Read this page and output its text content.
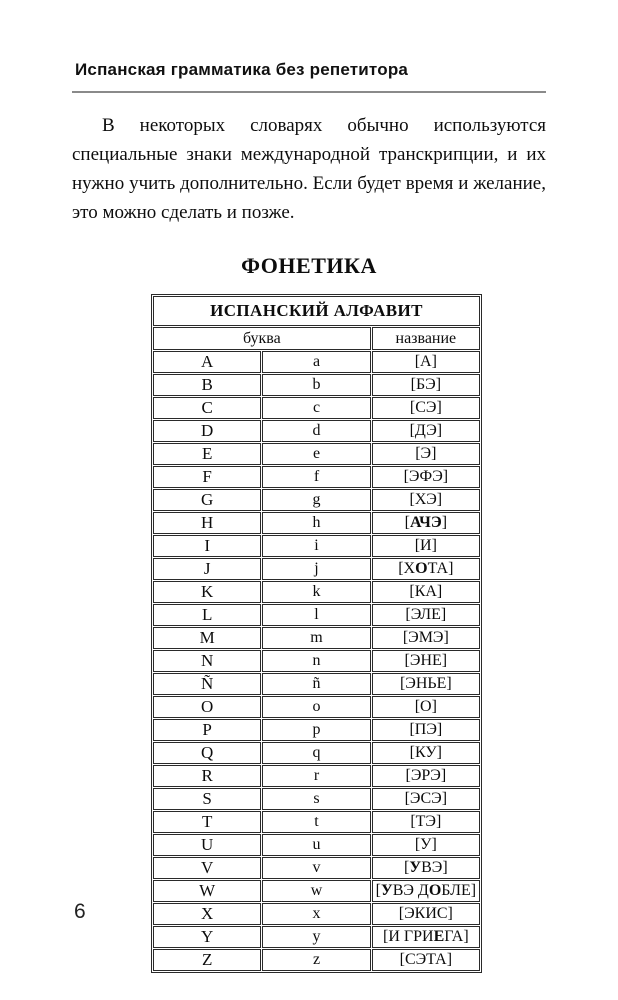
Испанская грамматика без репетитора

В некоторых словарях обычно используются специальные знаки международной транскрипции, и их нужно учить дополнительно. Если будет время и желание, это можно сделать и позже.

ФОНЕТИКА
ИСПАНСКИЙ АЛФАВИТ		
буква		название
A	a	[А]
B	b	[БЭ]
C	c	[СЭ]
D	d	[ДЭ]
E	e	[Э]
F	f	[ЭФЭ]
G	g	[ХЭ]
H	h	[АЧЭ]
I	i	[И]
J	j	[ХОТА]
K	k	[КА]
L	l	[ЭЛЕ]
M	m	[ЭМЭ]
N	n	[ЭНЕ]
Ñ	ñ	[ЭНЬЕ]
O	o	[О]
P	p	[ПЭ]
Q	q	[КУ]
R	r	[ЭРЭ]
S	s	[ЭСЭ]
T	t	[ТЭ]
U	u	[У]
V	v	[УВЭ]
W	w	[УВЭ ДОБЛЕ]
X	x	[ЭКИС]
Y	y	[И ГРИЕГА]
Z	z	[СЭТА]
6
